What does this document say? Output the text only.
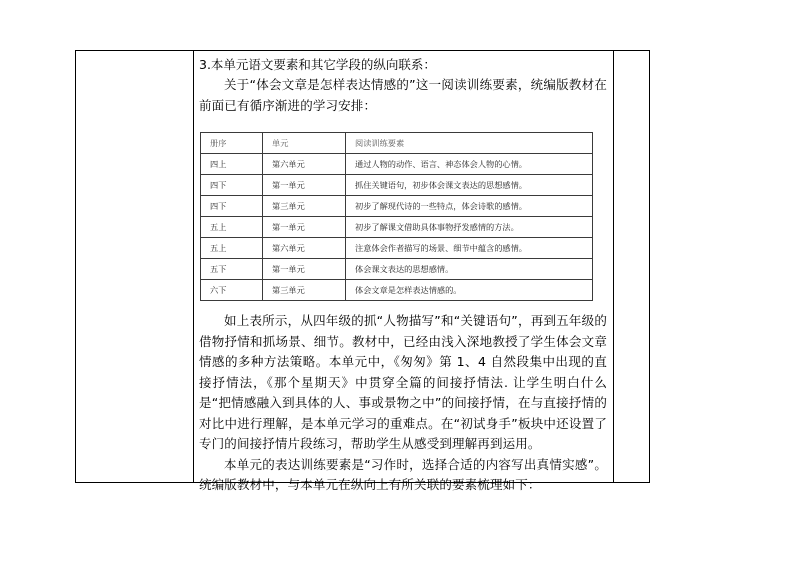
3.本单元语文要素和其它学段的纵向联系：

关于“体会文章是怎样表达情感的”这一阅读训练要素，统编版教材在前面已有循序渐进的学习安排：

册序	单元	阅读训练要素
四上	第六单元	通过人物的动作、语言、神态体会人物的心情。
四下	第一单元	抓住关键语句，初步体会课文表达的思想感情。
四下	第三单元	初步了解现代诗的一些特点，体会诗歌的感情。
五上	第一单元	初步了解课文借助具体事物抒发感情的方法。
五上	第六单元	注意体会作者描写的场景、细节中蕴含的感情。
五下	第一单元	体会课文表达的思想感情。
六下	第三单元	体会文章是怎样表达情感的。

如上表所示，从四年级的抓“人物描写”和“关键语句”，再到五年级的借物抒情和抓场景、细节。教材中，已经由浅入深地教授了学生体会文章情感的多种方法策略。本单元中，《匆匆》第 1、4 自然段集中出现的直接抒情法，《那个星期天》中贯穿全篇的间接抒情法. 让学生明白什么是“把情感融入到具体的人、事或景物之中”的间接抒情，在与直接抒情的对比中进行理解，是本单元学习的重难点。在“初试身手”板块中还设置了专门的间接抒情片段练习，帮助学生从感受到理解再到运用。

本单元的表达训练要素是“习作时，选择合适的内容写出真情实感”。统编版教材中，与本单元在纵向上有所关联的要素梳理如下：
